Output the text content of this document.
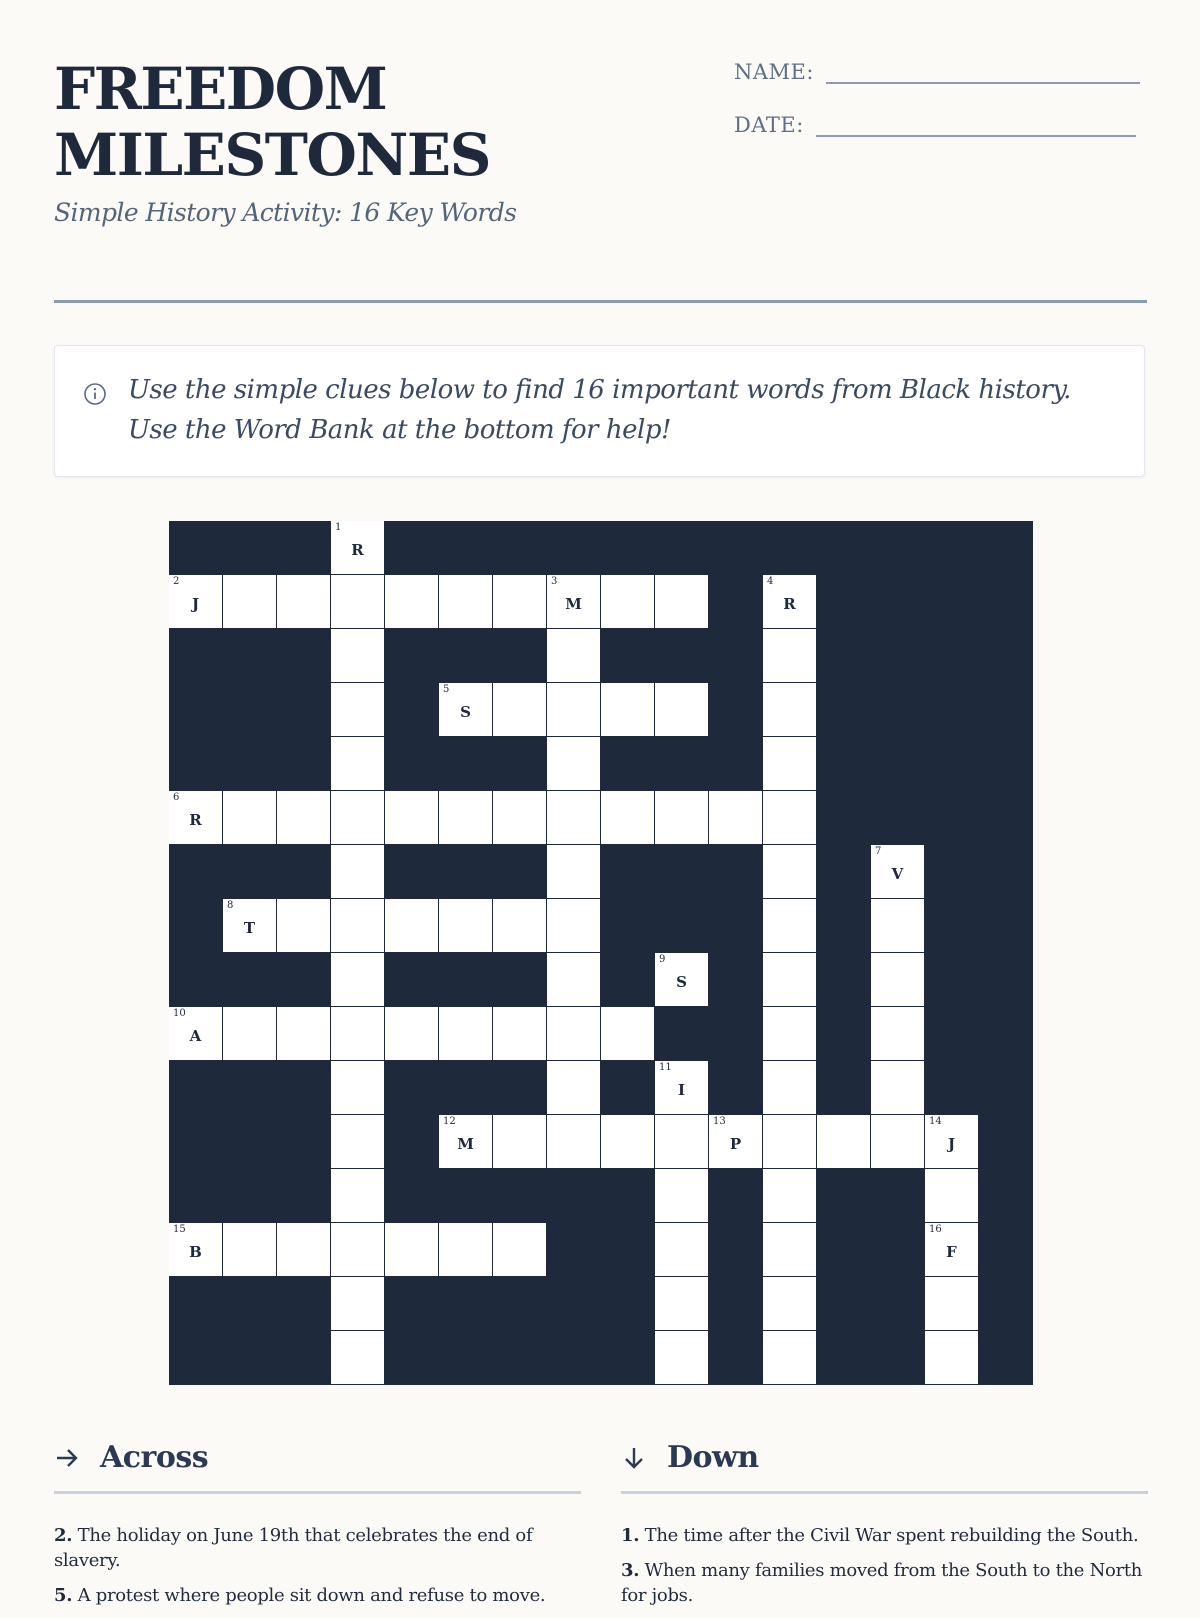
FREEDOM
MILESTONES
Simple History Activity: 16 Key Words
NAME:
DATE:
Use the simple clues below to find 16 important words from Black history. Use the Word Bank at the bottom for help!
1
R
2
J
3
M
4
R
5
S
6
R
7
V
8
T
9
S
10
A
11
I
12
M
13
P
14
J
15
B
16
F
Across
2. The holiday on June 19th that celebrates the end of slavery.
5. A protest where people sit down and refuse to move.
Down
1. The time after the Civil War spent rebuilding the South.
3. When many families moved from the South to the North for jobs.
